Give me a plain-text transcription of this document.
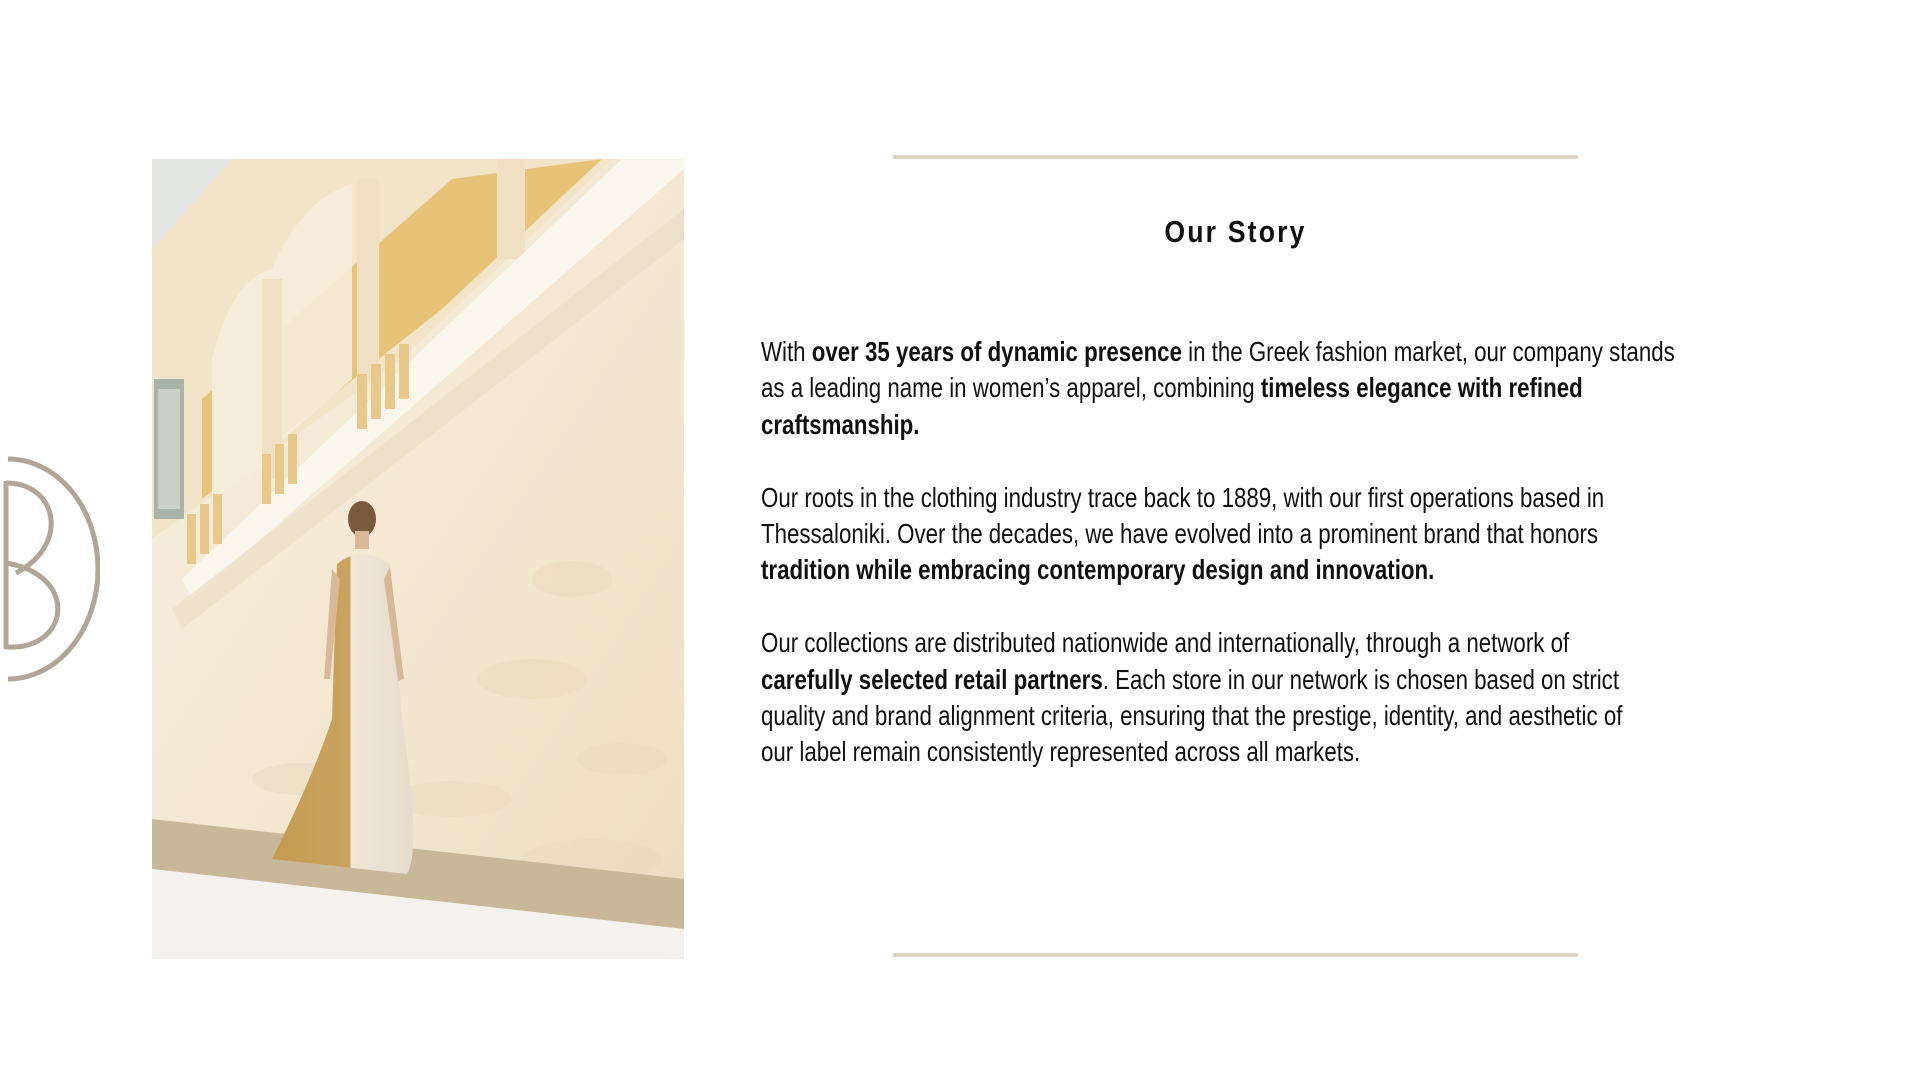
Our Story

With over 35 years of dynamic presence in the Greek fashion market, our company stands
as a leading name in women’s apparel, combining timeless elegance with refined
craftsmanship.

Our roots in the clothing industry trace back to 1889, with our first operations based in
Thessaloniki. Over the decades, we have evolved into a prominent brand that honors
tradition while embracing contemporary design and innovation.

Our collections are distributed nationwide and internationally, through a network of
carefully selected retail partners. Each store in our network is chosen based on strict
quality and brand alignment criteria, ensuring that the prestige, identity, and aesthetic of
our label remain consistently represented across all markets.
